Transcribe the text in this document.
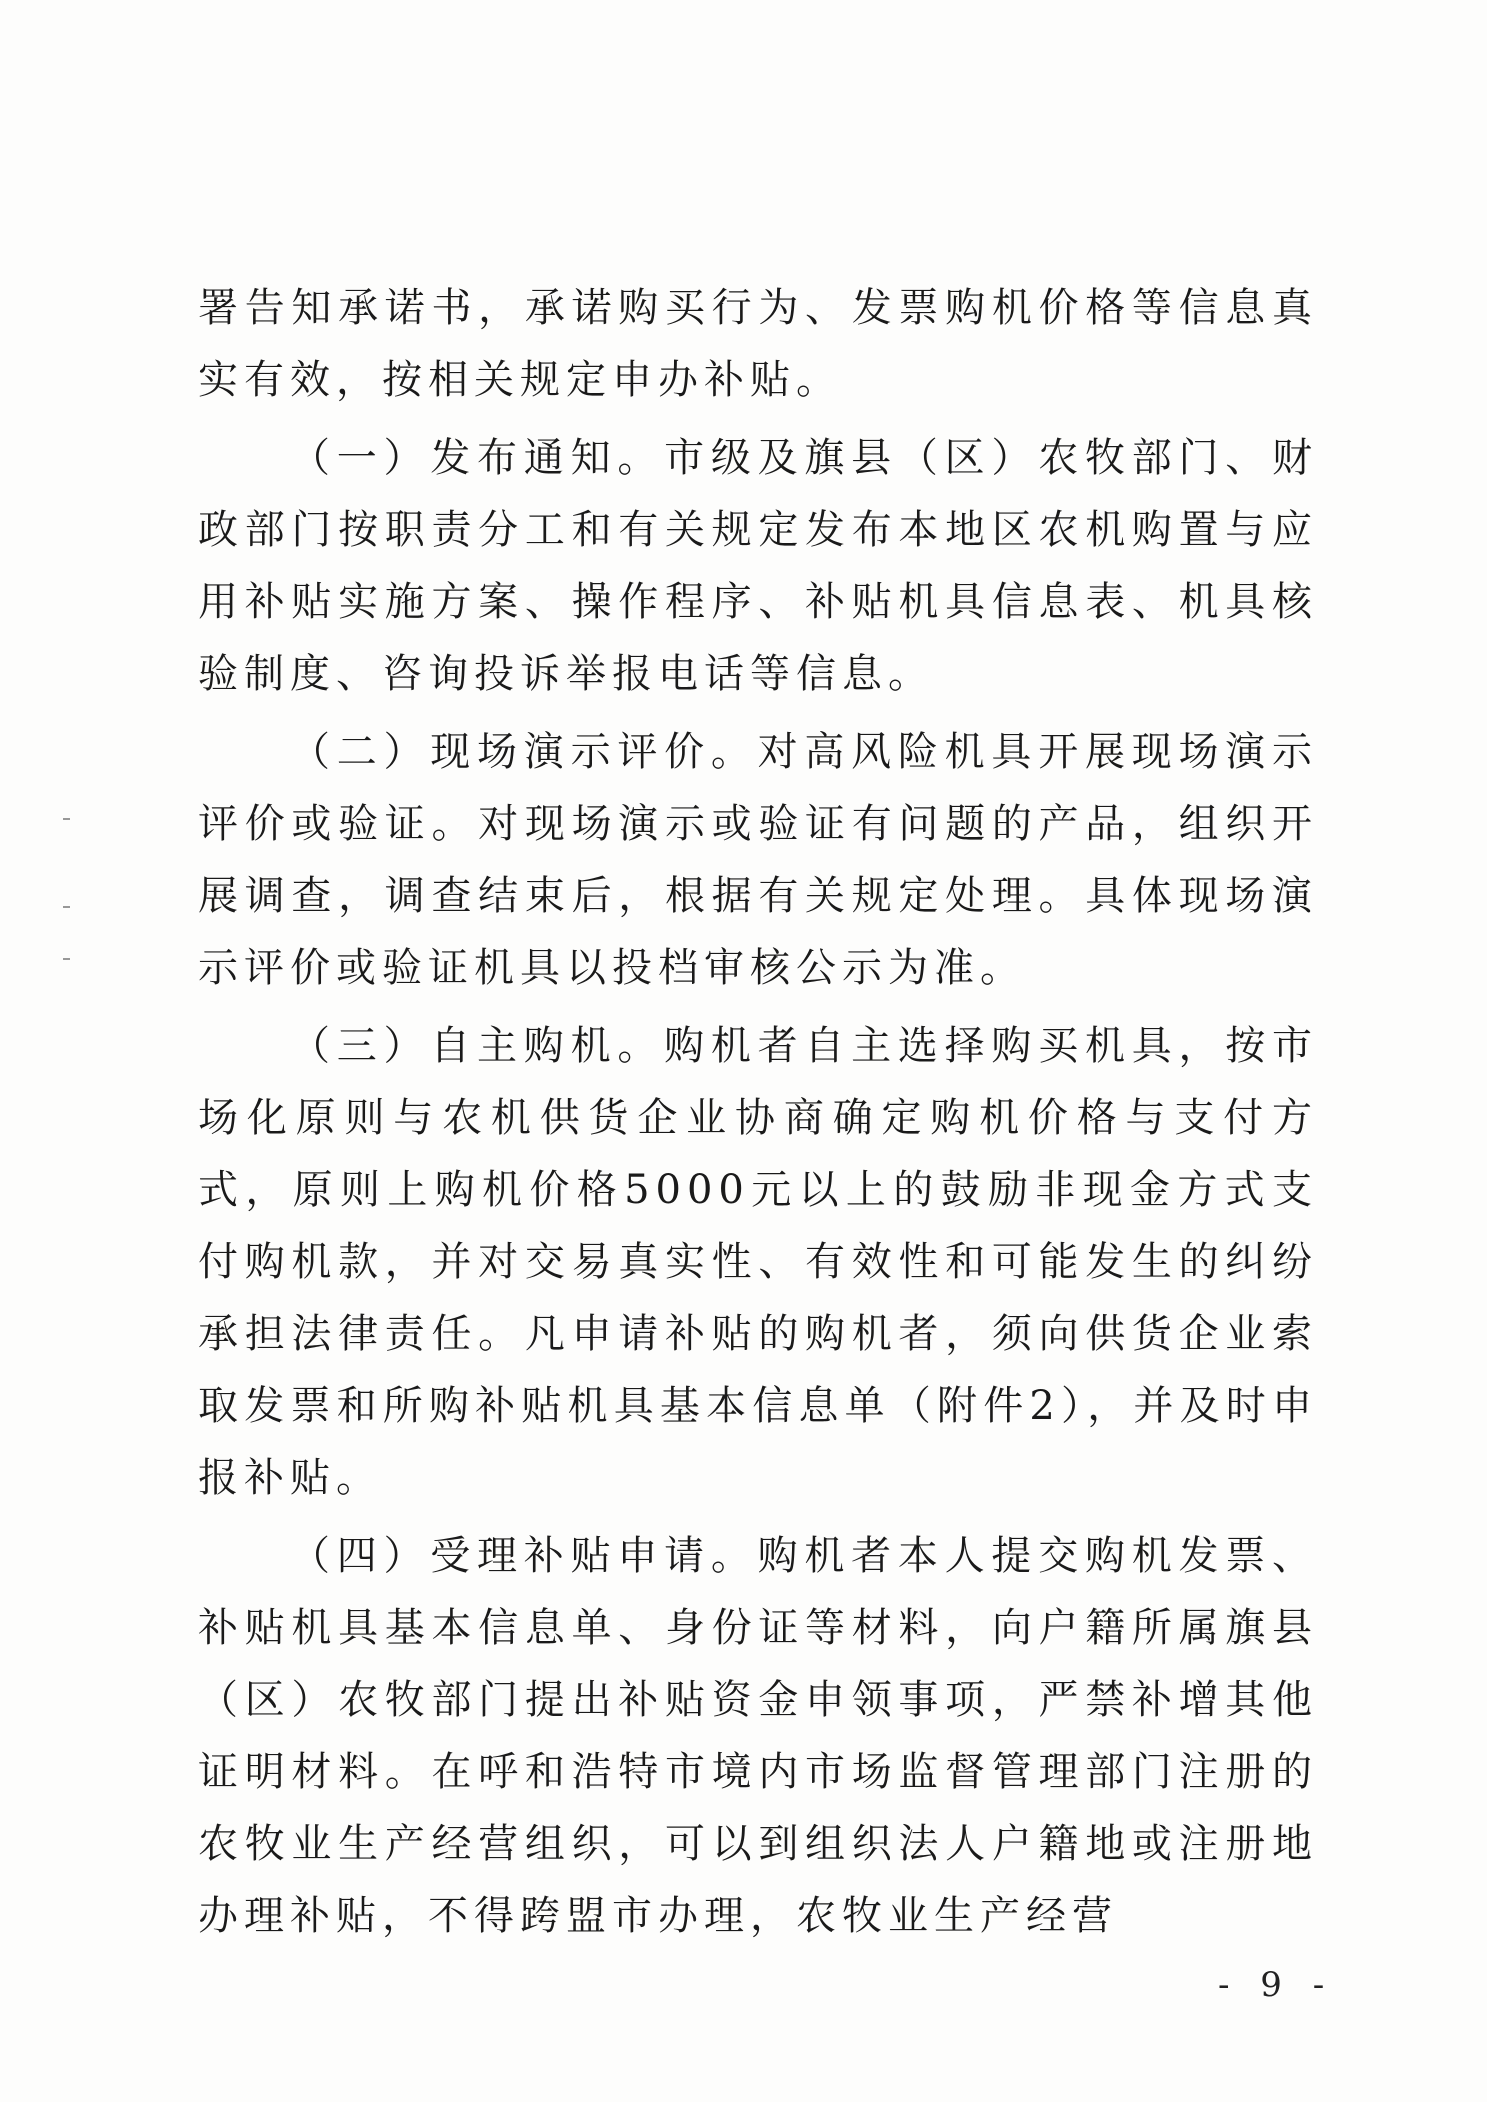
署告知承诺书，承诺购买行为、发票购机价格等信息真实有效，按相关规定申办补贴。

（一）发布通知。市级及旗县（区）农牧部门、财政部门按职责分工和有关规定发布本地区农机购置与应用补贴实施方案、操作程序、补贴机具信息表、机具核验制度、咨询投诉举报电话等信息。

（二）现场演示评价。对高风险机具开展现场演示评价或验证。对现场演示或验证有问题的产品，组织开展调查，调查结束后，根据有关规定处理。具体现场演示评价或验证机具以投档审核公示为准。

（三）自主购机。购机者自主选择购买机具，按市场化原则与农机供货企业协商确定购机价格与支付方式，原则上购机价格5000元以上的鼓励非现金方式支付购机款，并对交易真实性、有效性和可能发生的纠纷承担法律责任。凡申请补贴的购机者，须向供货企业索取发票和所购补贴机具基本信息单（附件2），并及时申报补贴。

（四）受理补贴申请。购机者本人提交购机发票、补贴机具基本信息单、身份证等材料，向户籍所属旗县（区）农牧部门提出补贴资金申领事项，严禁补增其他证明材料。在呼和浩特市境内市场监督管理部门注册的农牧业生产经营组织，可以到组织法人户籍地或注册地办理补贴，不得跨盟市办理，农牧业生产经营

- 9 -
